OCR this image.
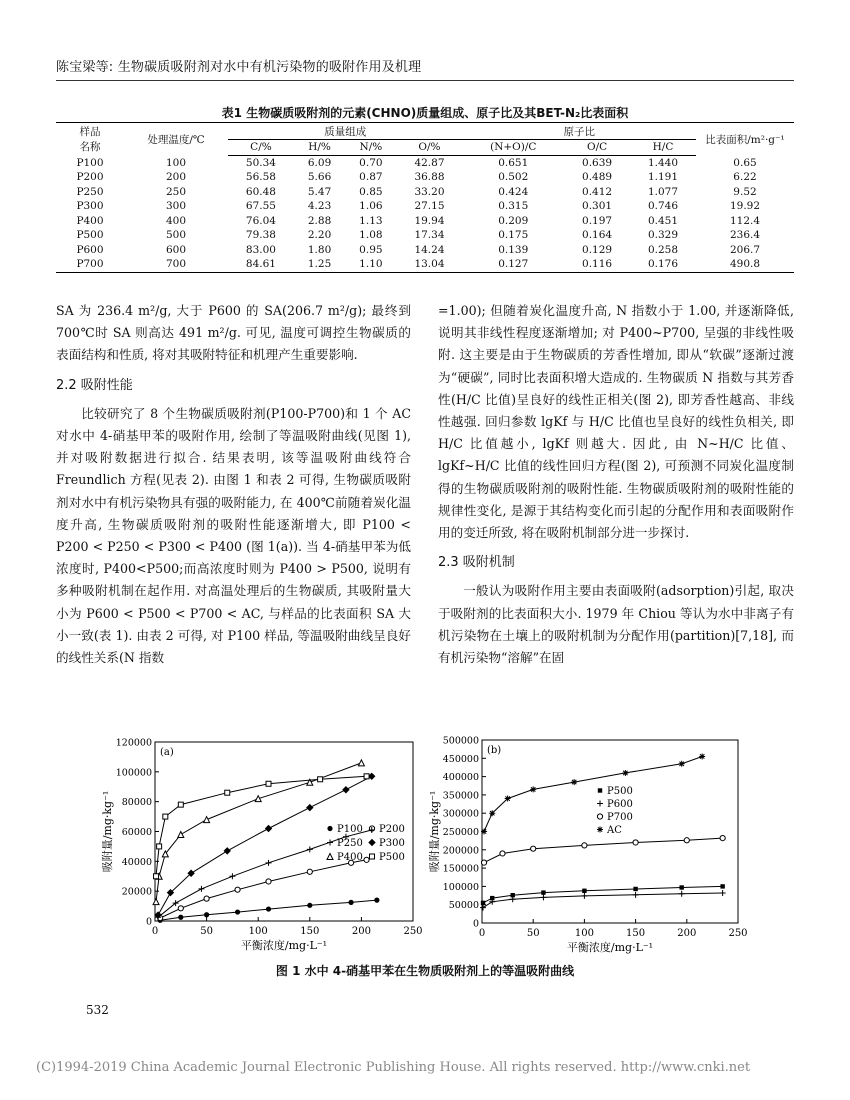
陈宝梁等: 生物碳质吸附剂对水中有机污染物的吸附作用及机理
表1 生物碳质吸附剂的元素(CHNO)质量组成、原子比及其BET-N₂比表面积
样品
名称	处理温度/℃	质量组成				原子比			比表面积/m²·g⁻¹
		C/%	H/%	N/%	O/%	(N+O)/C	O/C	H/C	
P100	100	50.34	6.09	0.70	42.87	0.651	0.639	1.440	0.65
P200	200	56.58	5.66	0.87	36.88	0.502	0.489	1.191	6.22
P250	250	60.48	5.47	0.85	33.20	0.424	0.412	1.077	9.52
P300	300	67.55	4.23	1.06	27.15	0.315	0.301	0.746	19.92
P400	400	76.04	2.88	1.13	19.94	0.209	0.197	0.451	112.4
P500	500	79.38	2.20	1.08	17.34	0.175	0.164	0.329	236.4
P600	600	83.00	1.80	0.95	14.24	0.139	0.129	0.258	206.7
P700	700	84.61	1.25	1.10	13.04	0.127	0.116	0.176	490.8

SA 为 236.4 m²/g, 大于 P600 的 SA(206.7 m²/g); 最终到 700℃时 SA 则高达 491 m²/g. 可见, 温度可调控生物碳质的表面结构和性质, 将对其吸附特征和机理产生重要影响.

2.2 吸附性能

比较研究了 8 个生物碳质吸附剂(P100-P700)和 1 个 AC 对水中 4-硝基甲苯的吸附作用, 绘制了等温吸附曲线(见图 1), 并对吸附数据进行拟合. 结果表明, 该等温吸附曲线符合 Freundlich 方程(见表 2). 由图 1 和表 2 可得, 生物碳质吸附剂对水中有机污染物具有强的吸附能力, 在 400℃前随着炭化温度升高, 生物碳质吸附剂的吸附性能逐渐增大, 即 P100 < P200 < P250 < P300 < P400 (图 1(a)). 当 4-硝基甲苯为低浓度时, P400<P500;而高浓度时则为 P400 > P500, 说明有多种吸附机制在起作用. 对高温处理后的生物碳质, 其吸附量大小为 P600 < P500 < P700 < AC, 与样品的比表面积 SA 大小一致(表 1). 由表 2 可得, 对 P100 样品, 等温吸附曲线呈良好的线性关系(N 指数

=1.00); 但随着炭化温度升高, N 指数小于 1.00, 并逐渐降低, 说明其非线性程度逐渐增加; 对 P400~P700, 呈强的非线性吸附. 这主要是由于生物碳质的芳香性增加, 即从“软碳”逐渐过渡为“硬碳”, 同时比表面积增大造成的. 生物碳质 N 指数与其芳香性(H/C 比值)呈良好的线性正相关(图 2), 即芳香性越高、非线性越强. 回归参数 lgKf 与 H/C 比值也呈良好的线性负相关, 即 H/C 比值越小, lgKf 则越大. 因此, 由 N~H/C 比值、lgKf~H/C 比值的线性回归方程(图 2), 可预测不同炭化温度制得的生物碳质吸附剂的吸附性能. 生物碳质吸附剂的吸附性能的规律性变化, 是源于其结构变化而引起的分配作用和表面吸附作用的变迁所致, 将在吸附机制部分进一步探讨.

2.3 吸附机制

一般认为吸附作用主要由表面吸附(adsorption)引起, 取决于吸附剂的比表面积大小. 1979 年 Chiou 等认为水中非离子有机污染物在土壤上的吸附机制为分配作用(partition)[7,18], 而有机污染物“溶解”在固

0	50	100	150	200	250
0
20000
40000
60000
80000
100000
120000
(a)
平衡浓度/mg·L⁻¹
吸附量/mg·kg⁻¹	P100 P200
P250 P300
P400 P500
0	50	100	150	200	250
0
50000
100000
150000
200000
250000
300000
350000
400000
450000
500000
(b)
平衡浓度/mg·L⁻¹
吸附量/mg·kg⁻¹	P500
P600
P700
AC
图 1 水中 4-硝基甲苯在生物质吸附剂上的等温吸附曲线
532
(C)1994-2019 China Academic Journal Electronic Publishing House. All rights reserved. http://www.cnki.net
